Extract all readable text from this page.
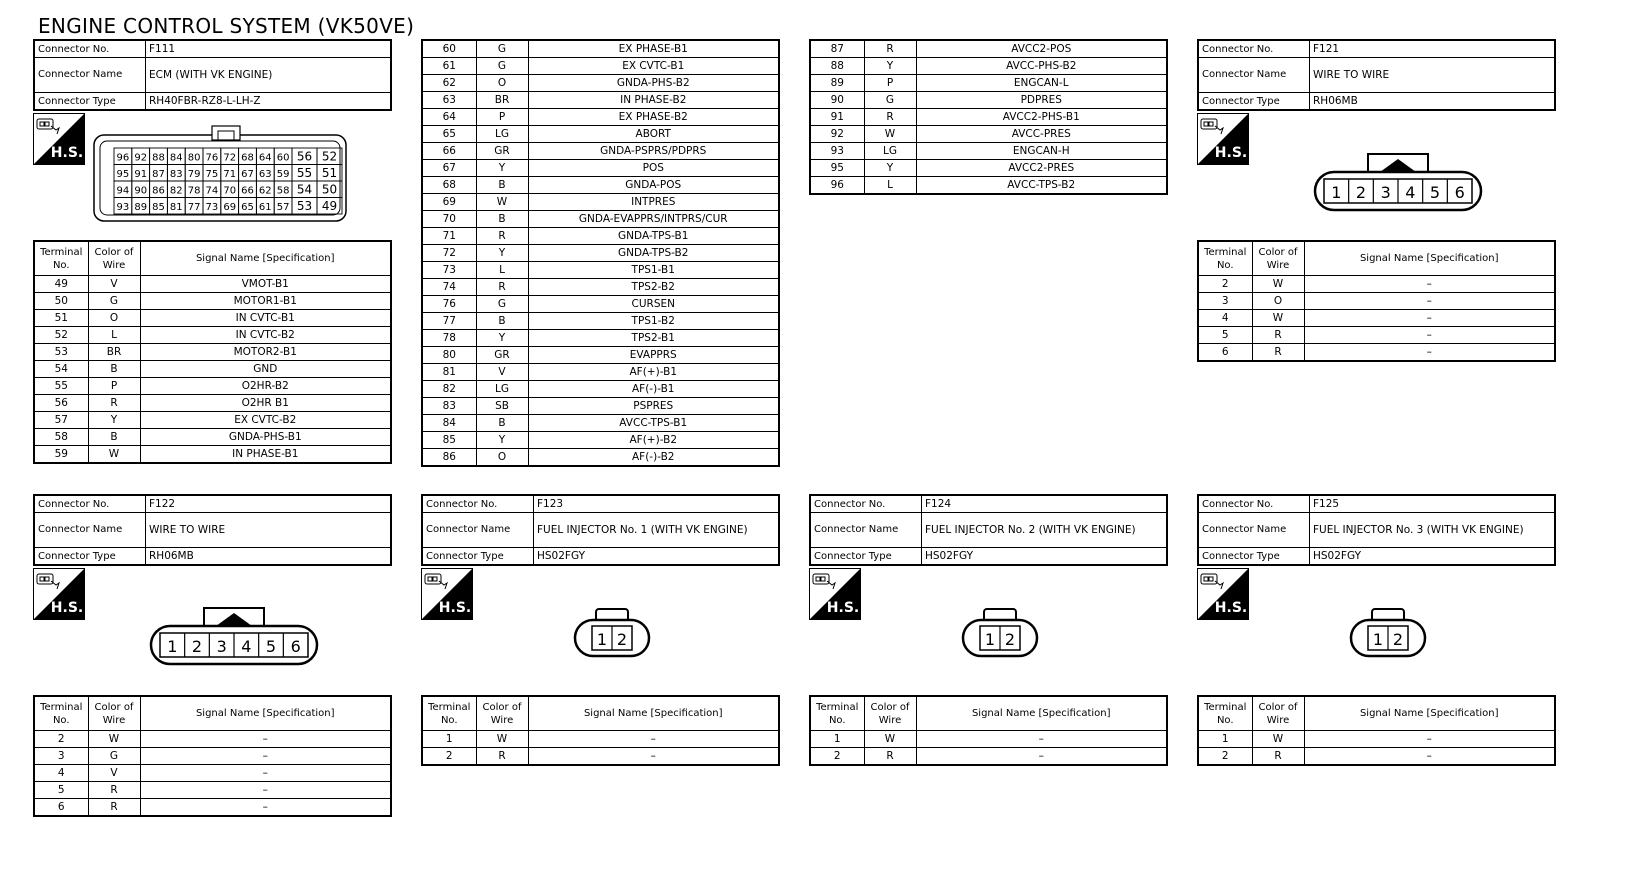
ENGINE CONTROL SYSTEM (VK50VE)
Connector No.	F111
Connector Name	ECM (WITH VK ENGINE)
Connector Type	RH40FBR-RZ8-L-LH-Z
H.S.	96 92 88 84 80 76 72 68 64 60 56 52
95 91 87 83 79 75 71 67 63 59 55 51
94 90 86 82 78 74 70 66 62 58 54 50
93 89 85 81 77 73 69 65 61 57 53 49
Terminal No.	Color of Wire	Signal Name [Specification]
49	V	VMOT-B1
50	G	MOTOR1-B1
51	O	IN CVTC-B1
52	L	IN CVTC-B2
53	BR	MOTOR2-B1
54	B	GND
55	P	O2HR-B2
56	R	O2HR B1
57	Y	EX CVTC-B2
58	B	GNDA-PHS-B1
59	W	IN PHASE-B1
60	G	EX PHASE-B1
61	G	EX CVTC-B1
62	O	GNDA-PHS-B2
63	BR	IN PHASE-B2
64	P	EX PHASE-B2
65	LG	ABORT
66	GR	GNDA-PSPRS/PDPRS
67	Y	POS
68	B	GNDA-POS
69	W	INTPRES
70	B	GNDA-EVAPPRS/INTPRS/CUR
71	R	GNDA-TPS-B1
72	Y	GNDA-TPS-B2
73	L	TPS1-B1
74	R	TPS2-B2
76	G	CURSEN
77	B	TPS1-B2
78	Y	TPS2-B1
80	GR	EVAPPRS
81	V	AF(+)-B1
82	LG	AF(-)-B1
83	SB	PSPRES
84	B	AVCC-TPS-B1
85	Y	AF(+)-B2
86	O	AF(-)-B2
87	R	AVCC2-POS
88	Y	AVCC-PHS-B2
89	P	ENGCAN-L
90	G	PDPRES
91	R	AVCC2-PHS-B1
92	W	AVCC-PRES
93	LG	ENGCAN-H
95	Y	AVCC2-PRES
96	L	AVCC-TPS-B2
Connector No.	F121
Connector Name	WIRE TO WIRE
Connector Type	RH06MB
H.S.
1 2 3 4 5 6
Terminal No.	Color of Wire	Signal Name [Specification]
2	W	–
3	O	–
4	W	–
5	R	–
6	R	–
Connector No.	F122
Connector Name	WIRE TO WIRE
Connector Type	RH06MB
H.S.
1 2 3 4 5 6
Terminal No.	Color of Wire	Signal Name [Specification]
2	W	–
3	G	–
4	V	–
5	R	–
6	R	–
Connector No.	F123
Connector Name	FUEL INJECTOR No. 1 (WITH VK ENGINE)
Connector Type	HS02FGY
H.S.
1 2
Terminal No.	Color of Wire	Signal Name [Specification]
1	W	–
2	R	–
Connector No.	F124
Connector Name	FUEL INJECTOR No. 2 (WITH VK ENGINE)
Connector Type	HS02FGY
H.S.
1 2
Terminal No.	Color of Wire	Signal Name [Specification]
1	W	–
2	R	–
Connector No.	F125
Connector Name	FUEL INJECTOR No. 3 (WITH VK ENGINE)
Connector Type	HS02FGY
H.S.
1 2
Terminal No.	Color of Wire	Signal Name [Specification]
1	W	–
2	R	–
